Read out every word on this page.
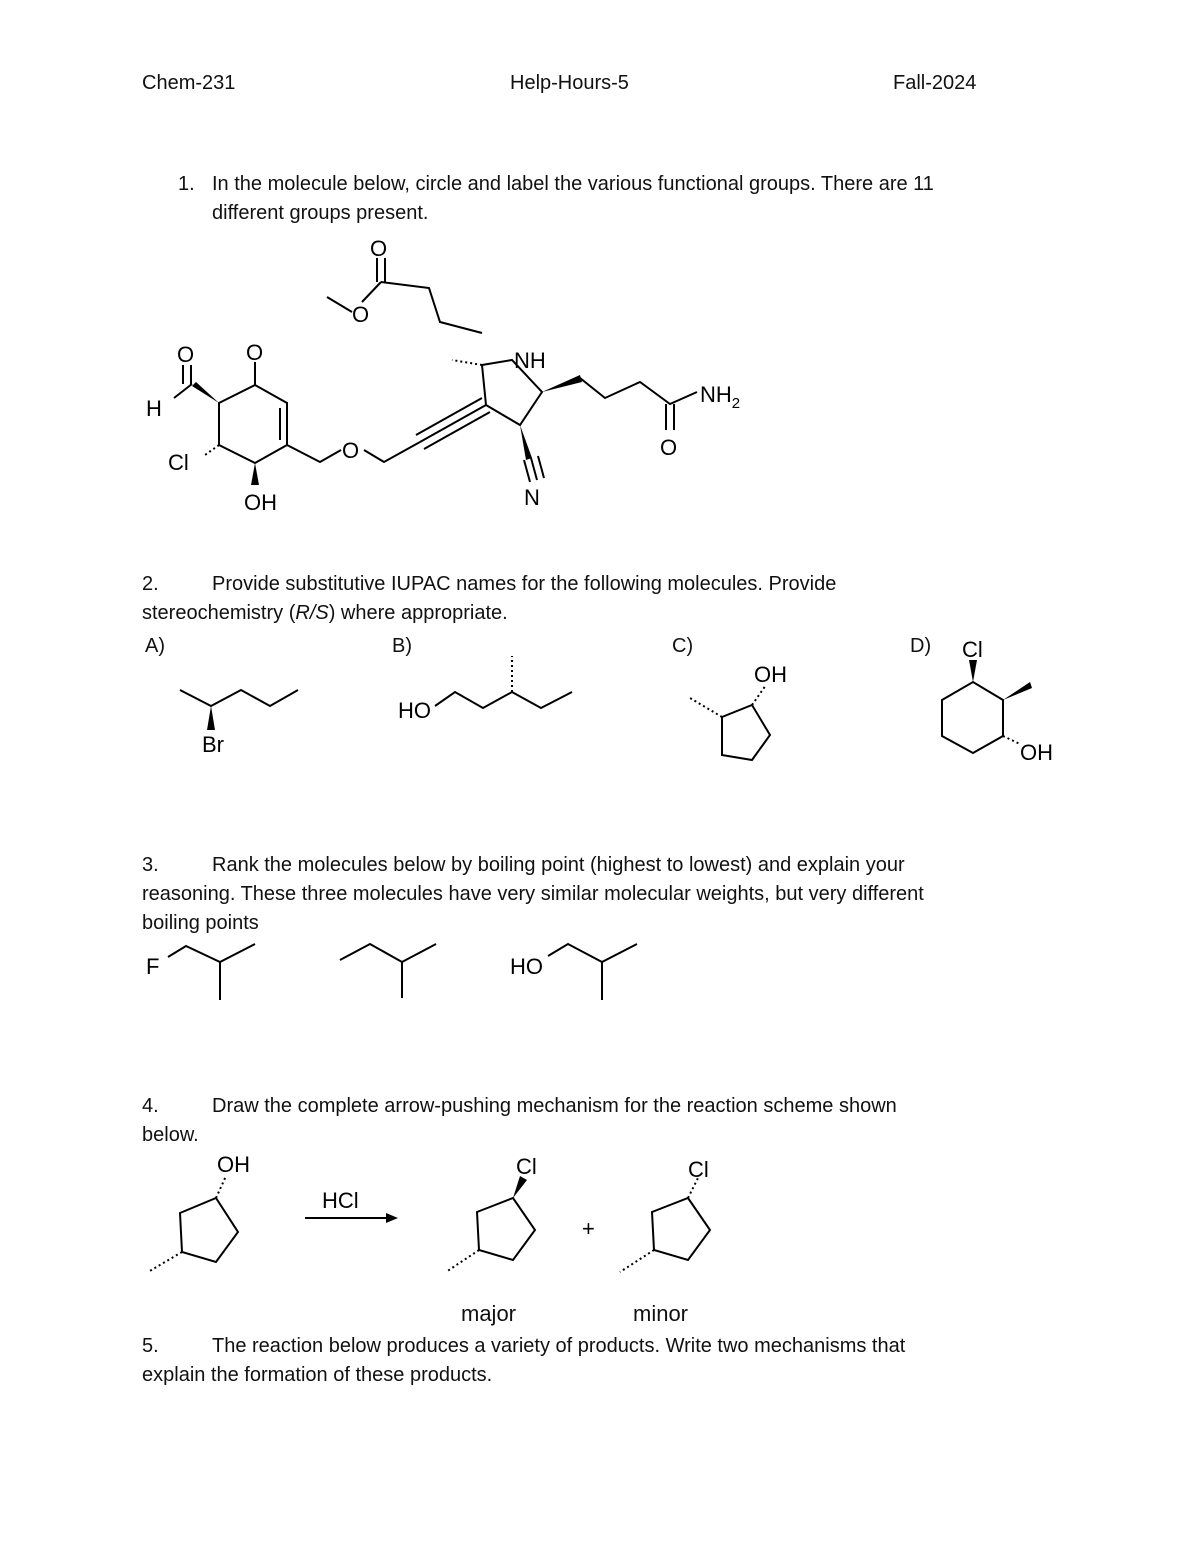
Chem-231	Help-Hours-5	Fall-2024
1. In the molecule below, circle and label the various functional groups. There are 11
different groups present.
O
O
O O
H
Cl
OH
O
NH
$NH_2$
O
N
2.	Provide substitutive IUPAC names for the following molecules. Provide
stereochemistry (R/S) where appropriate.
A)	B)	C)	D)
Br
HO
OH
Cl
OH
3.	Rank the molecules below by boiling point (highest to lowest) and explain your
reasoning. These three molecules have very similar molecular weights, but very different
boiling points
F	HO
4.	Draw the complete arrow-pushing mechanism for the reaction scheme shown
below.
OH
HCl
Cl
+
Cl
major	minor
5.	The reaction below produces a variety of products. Write two mechanisms that
explain the formation of these products.
